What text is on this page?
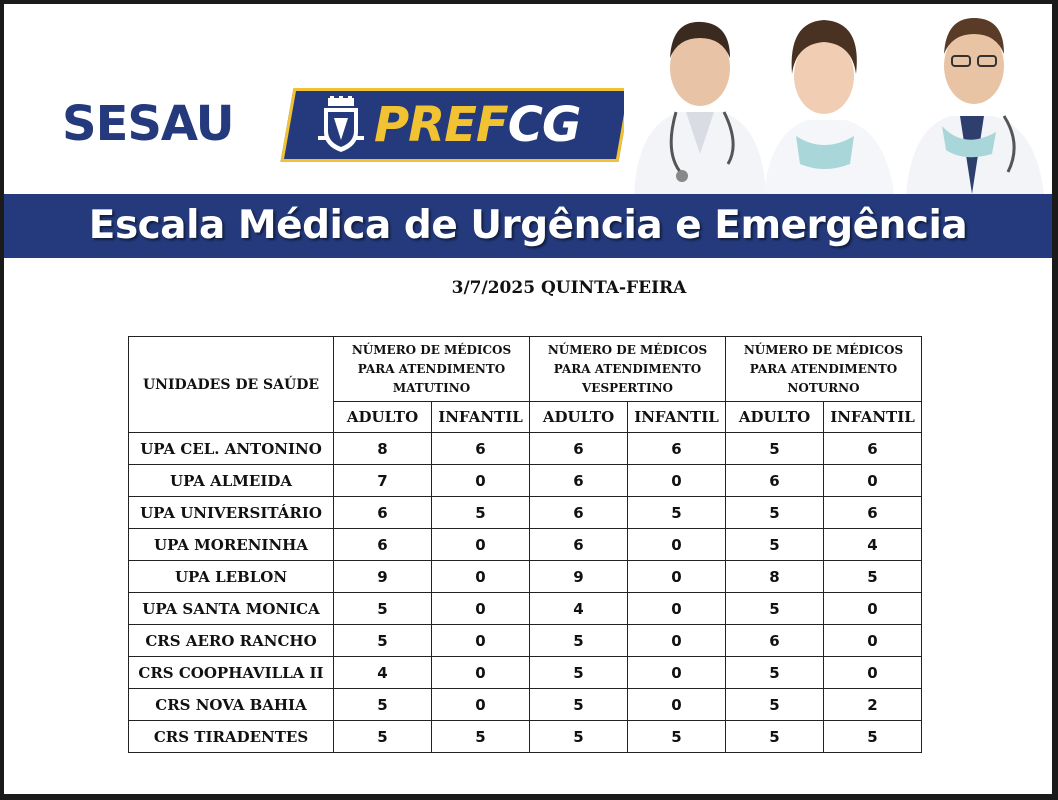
SESAU	PREFCG
Escala Médica de Urgência e Emergência
3/7/2025 QUINTA-FEIRA
UNIDADES DE SAÚDE	NÚMERO DE MÉDICOS PARA ATENDIMENTO MATUTINO		NÚMERO DE MÉDICOS PARA ATENDIMENTO VESPERTINO		NÚMERO DE MÉDICOS PARA ATENDIMENTO NOTURNO	
	ADULTO	INFANTIL	ADULTO	INFANTIL	ADULTO	INFANTIL
UPA CEL. ANTONINO	8	6	6	6	5	6
UPA ALMEIDA	7	0	6	0	6	0
UPA UNIVERSITÁRIO	6	5	6	5	5	6
UPA MORENINHA	6	0	6	0	5	4
UPA LEBLON	9	0	9	0	8	5
UPA SANTA MONICA	5	0	4	0	5	0
CRS AERO RANCHO	5	0	5	0	6	0
CRS COOPHAVILLA II	4	0	5	0	5	0
CRS NOVA BAHIA	5	0	5	0	5	2
CRS TIRADENTES	5	5	5	5	5	5
